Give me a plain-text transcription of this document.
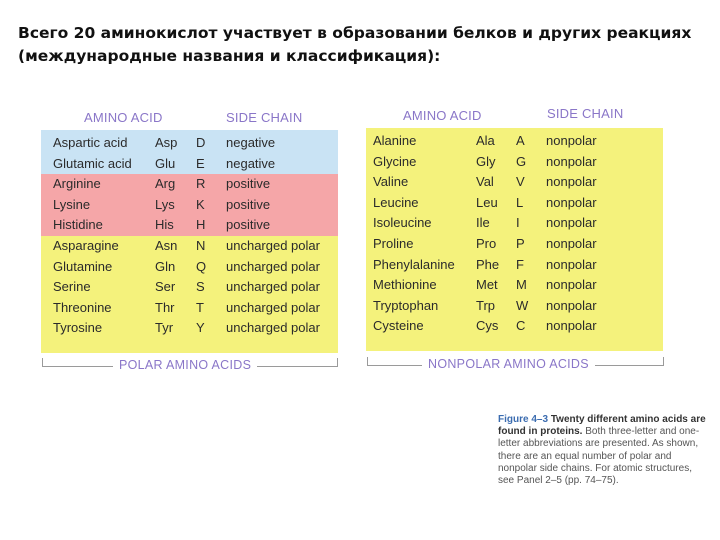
Всего 20 аминокислот участвует в образовании белков и других реакциях (международные названия и классификация):
AMINO ACID	SIDE CHAIN	AMINO ACID	SIDE CHAIN
Aspartic acid Asp D negative
Glutamic acid Glu E negative
Arginine	Arg R positive
Lysine	Lys K positive
Histidine	His H positive
Asparagine	Asn N uncharged polar
Glutamine	Gln Q uncharged polar
Serine	Ser S uncharged polar
Threonine	Thr T uncharged polar
Tyrosine	Tyr Y uncharged polar
Alanine	Ala A nonpolar
Glycine	Gly G nonpolar
Valine	Val V nonpolar
Leucine	Leu L nonpolar
Isoleucine	Ile I nonpolar
Proline	Pro P nonpolar
Phenylalanine Phe F nonpolar
Methionine	Met M nonpolar
Tryptophan	Trp W nonpolar
Cysteine	Cys C nonpolar
POLAR AMINO ACIDS	NONPOLAR AMINO ACIDS
Figure 4–3 Twenty different amino acids are found in proteins. Both three-letter and one-letter abbreviations are presented. As shown, there are an equal number of polar and nonpolar side chains. For atomic structures, see Panel 2–5 (pp. 74–75).
